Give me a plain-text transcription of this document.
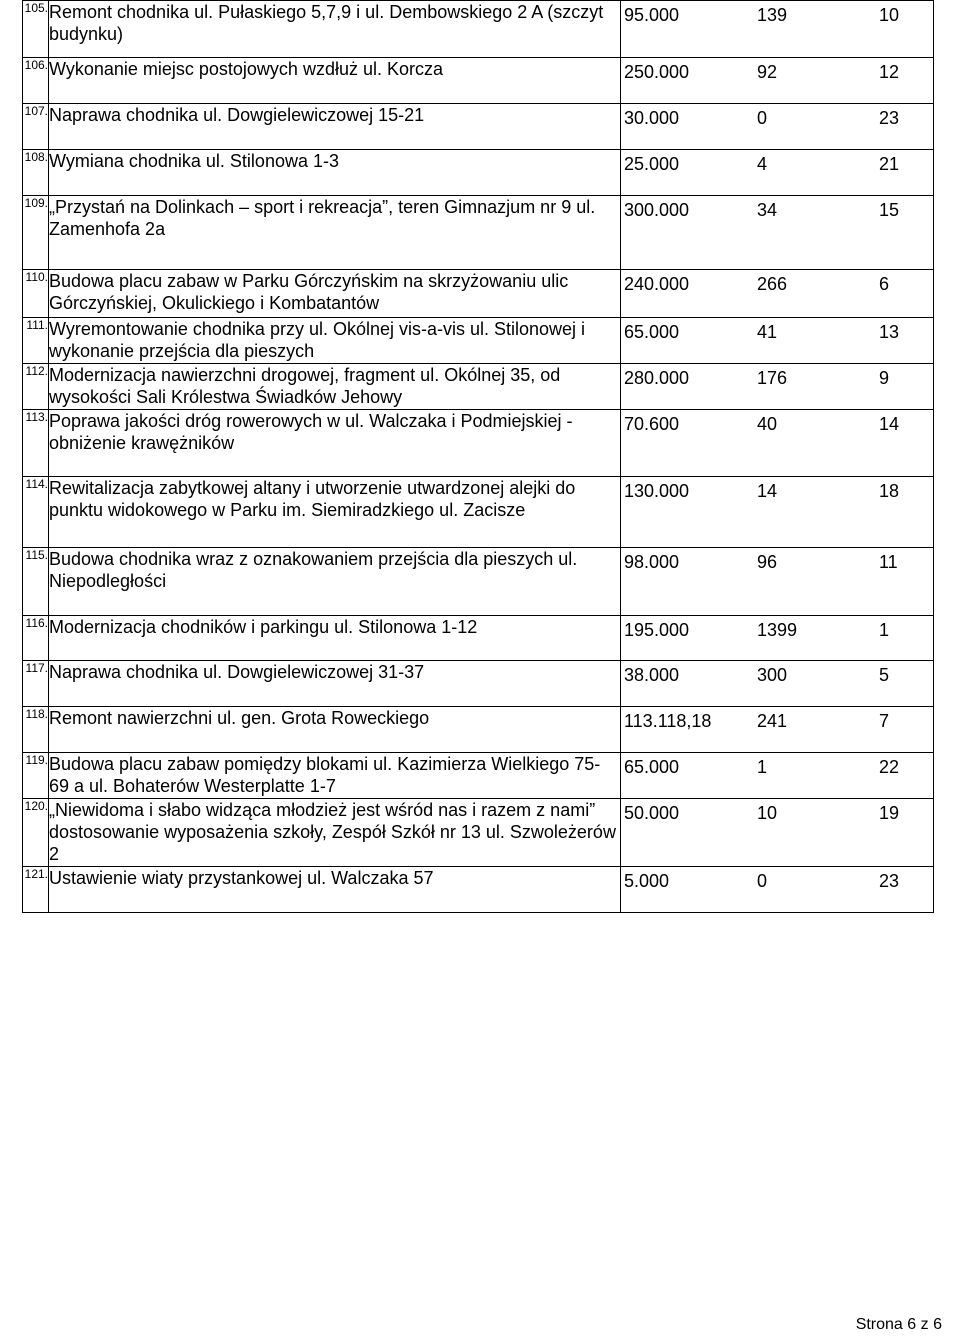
105.	Remont chodnika ul. Pułaskiego 5,7,9 i ul. Dembowskiego 2 A (szczyt budynku)	95.000 139 10

106.	Wykonanie miejsc postojowych wzdłuż ul. Korcza	250.000 92 12

107.	Naprawa chodnika ul. Dowgielewiczowej 15-21	30.000 0 23

108.	Wymiana chodnika ul. Stilonowa 1-3	25.000 4 21

109.	„Przystań na Dolinkach – sport i rekreacja”, teren Gimnazjum nr 9 ul. Zamenhofa 2a	300.000 34 15

110.	Budowa placu zabaw w Parku Górczyńskim na skrzyżowaniu ulic Górczyńskiej, Okulickiego i Kombatantów	240.000 266 6

111.	Wyremontowanie chodnika przy ul. Okólnej vis-a-vis ul. Stilonowej i wykonanie przejścia dla pieszych	65.000 41 13

112.	Modernizacja nawierzchni drogowej, fragment ul. Okólnej 35, od wysokości Sali Królestwa Świadków Jehowy	280.000 176 9

113.	Poprawa jakości dróg rowerowych w ul. Walczaka i Podmiejskiej - obniżenie krawężników	70.600 40 14

114.	Rewitalizacja zabytkowej altany i utworzenie utwardzonej alejki do punktu widokowego w Parku im. Siemiradzkiego ul. Zacisze	130.000 14 18

115.	Budowa chodnika wraz z oznakowaniem przejścia dla pieszych ul. Niepodległości	98.000 96 11

116.	Modernizacja chodników i parkingu ul. Stilonowa 1-12	195.000 1399 1

117.	Naprawa chodnika ul. Dowgielewiczowej 31-37	38.000 300 5

118.	Remont nawierzchni ul. gen. Grota Roweckiego	113.118,18 241 7

119.	Budowa placu zabaw pomiędzy blokami ul. Kazimierza Wielkiego 75-69 a ul. Bohaterów Westerplatte 1-7	65.000 1 22

120.	„Niewidoma i słabo widząca młodzież jest wśród nas i razem z nami” dostosowanie wyposażenia szkoły, Zespół Szkół nr 13 ul. Szwoleżerów 2	50.000 10 19

121.	Ustawienie wiaty przystankowej ul. Walczaka 57	5.000 0 23
Strona 6 z 6
